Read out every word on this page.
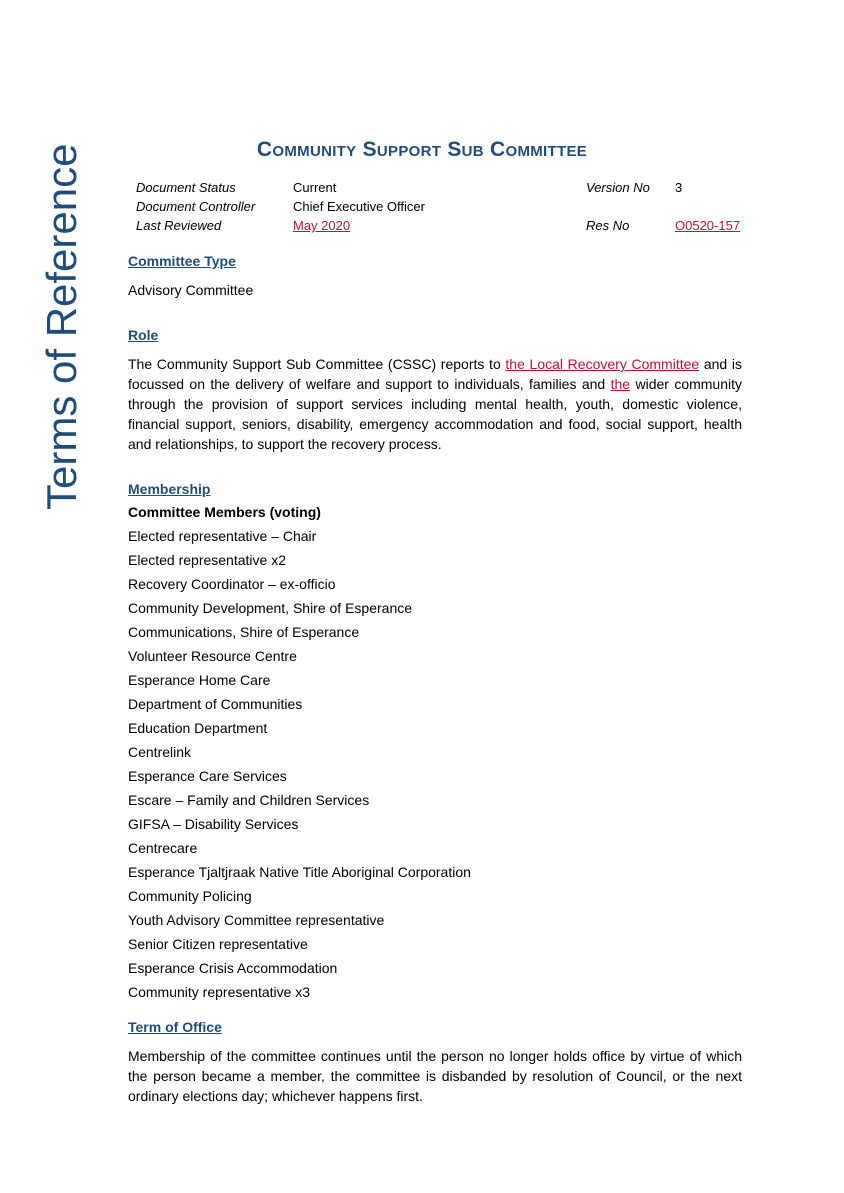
Terms of Reference	Community Support Sub Committee
Document Status	Current	Version No 3
Document Controller	Chief Executive Officer
Last Reviewed	May 2020	Res No	O0520-157
Committee Type
Advisory Committee
Role
The Community Support Sub Committee (CSSC) reports to the Local Recovery Committee and is focussed on the delivery of welfare and support to individuals, families and the wider community through the provision of support services including mental health, youth, domestic violence, financial support, seniors, disability, emergency accommodation and food, social support, health and relationships, to support the recovery process.
Membership
Committee Members (voting)
Elected representative – Chair
Elected representative x2
Recovery Coordinator – ex-officio
Community Development, Shire of Esperance
Communications, Shire of Esperance
Volunteer Resource Centre
Esperance Home Care
Department of Communities
Education Department
Centrelink
Esperance Care Services
Escare – Family and Children Services
GIFSA – Disability Services
Centrecare
Esperance Tjaltjraak Native Title Aboriginal Corporation
Community Policing
Youth Advisory Committee representative
Senior Citizen representative
Esperance Crisis Accommodation
Community representative x3
Term of Office
Membership of the committee continues until the person no longer holds office by virtue of which the person became a member, the committee is disbanded by resolution of Council, or the next ordinary elections day; whichever happens first.
